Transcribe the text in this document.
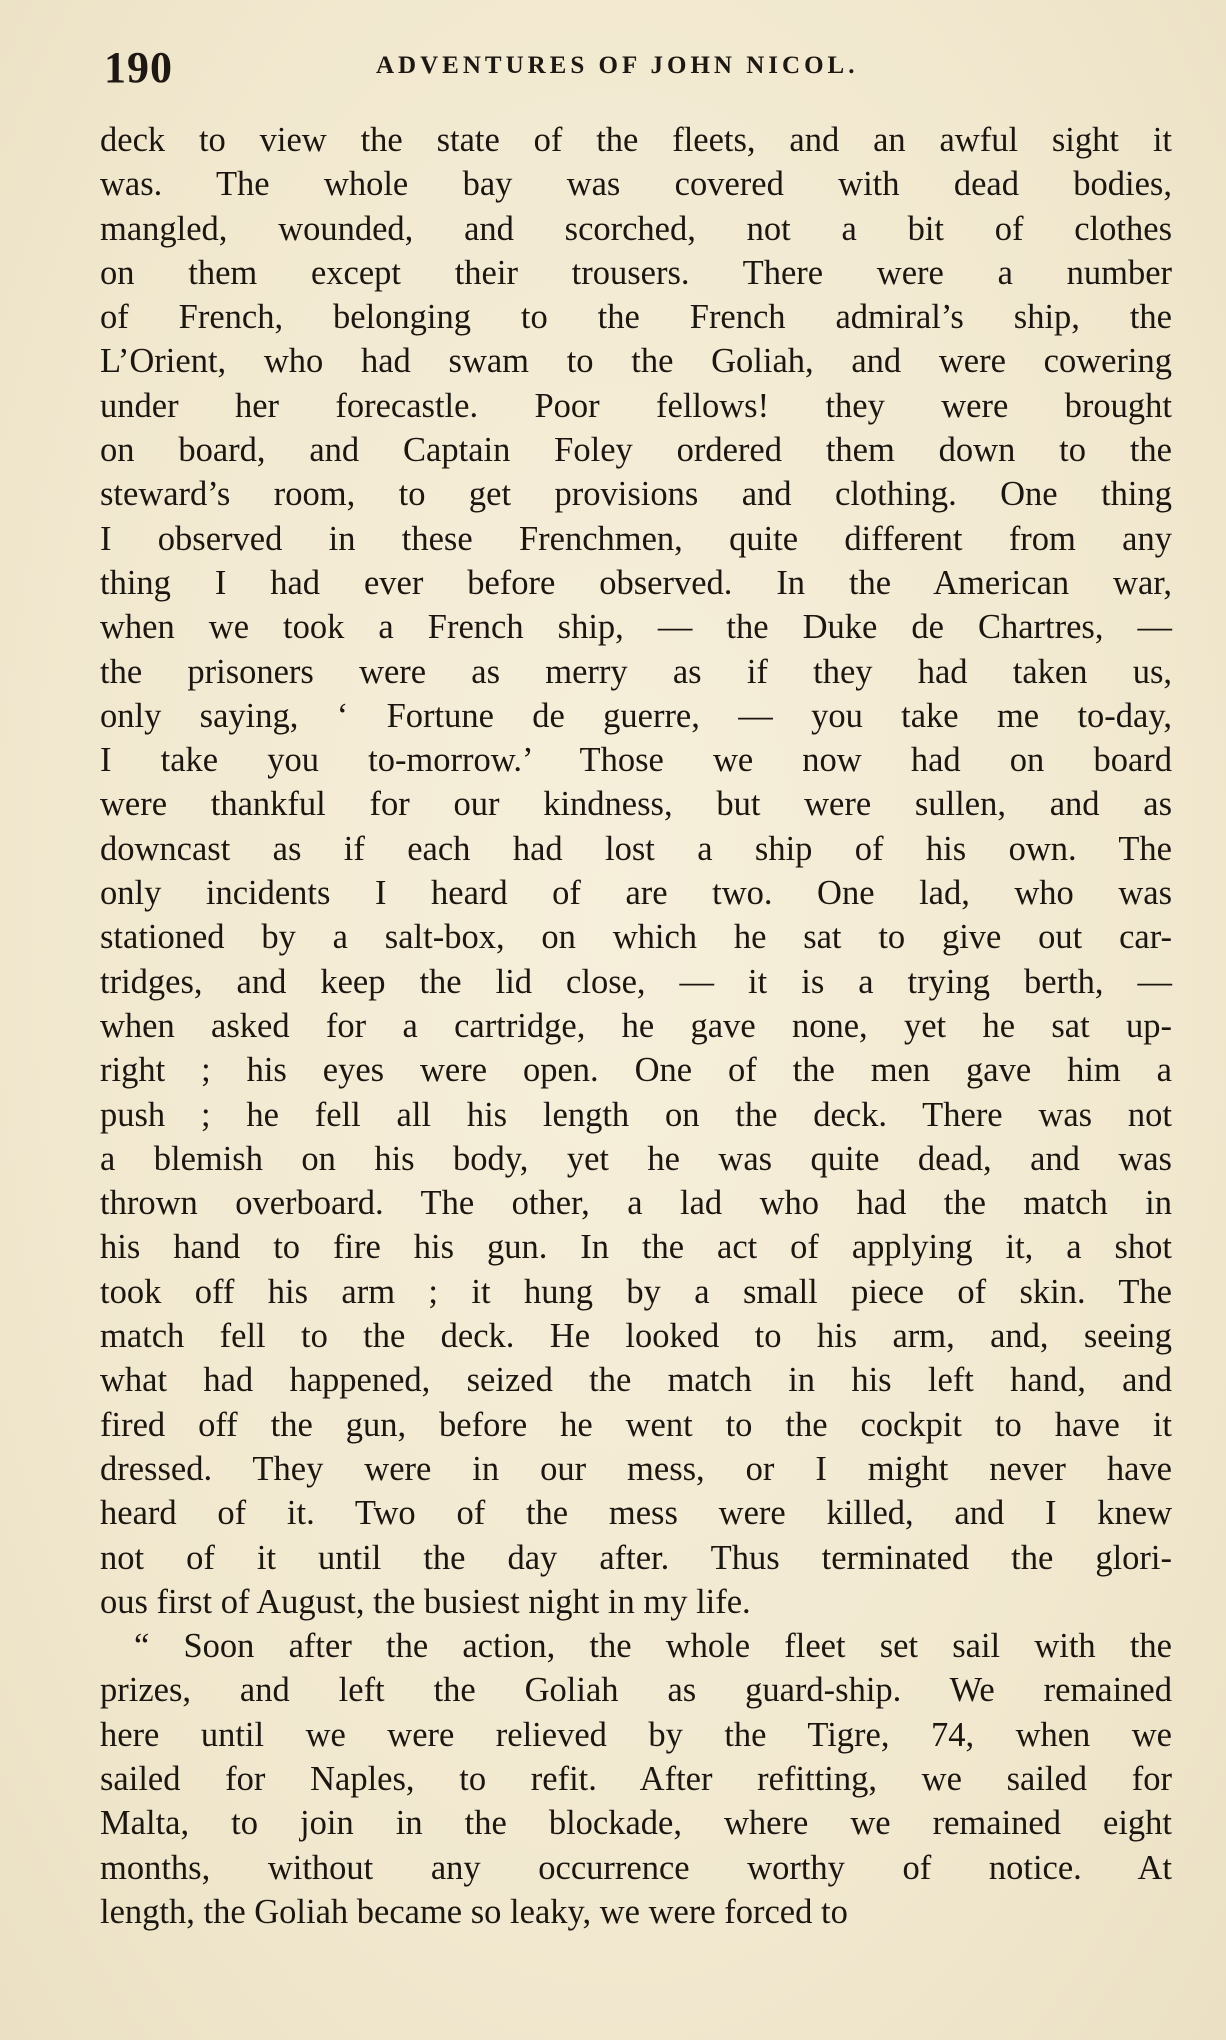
190	ADVENTURES OF JOHN NICOL.
deck to view the state of the fleets, and an awful sight it
was. The whole bay was covered with dead bodies,
mangled, wounded, and scorched, not a bit of clothes
on them except their trousers. There were a number
of French, belonging to the French admiral’s ship, the
L’Orient, who had swam to the Goliah, and were cowering
under her forecastle. Poor fellows! they were brought
on board, and Captain Foley ordered them down to the
steward’s room, to get provisions and clothing. One thing
I observed in these Frenchmen, quite different from any
thing I had ever before observed. In the American war,
when we took a French ship, — the Duke de Chartres, —
the prisoners were as merry as if they had taken us,
only saying, ‘ Fortune de guerre, — you take me to-day,
I take you to-morrow.’ Those we now had on board
were thankful for our kindness, but were sullen, and as
downcast as if each had lost a ship of his own. The
only incidents I heard of are two. One lad, who was
stationed by a salt-box, on which he sat to give out car-
tridges, and keep the lid close, — it is a trying berth, —
when asked for a cartridge, he gave none, yet he sat up-
right ; his eyes were open. One of the men gave him a
push ; he fell all his length on the deck. There was not
a blemish on his body, yet he was quite dead, and was
thrown overboard. The other, a lad who had the match in
his hand to fire his gun. In the act of applying it, a shot
took off his arm ; it hung by a small piece of skin. The
match fell to the deck. He looked to his arm, and, seeing
what had happened, seized the match in his left hand, and
fired off the gun, before he went to the cockpit to have it
dressed. They were in our mess, or I might never have
heard of it. Two of the mess were killed, and I knew
not of it until the day after. Thus terminated the glori-
ous first of August, the busiest night in my life.
“ Soon after the action, the whole fleet set sail with the
prizes, and left the Goliah as guard-ship. We remained
here until we were relieved by the Tigre, 74, when we
sailed for Naples, to refit. After refitting, we sailed for
Malta, to join in the blockade, where we remained eight
months, without any occurrence worthy of notice. At
length, the Goliah became so leaky, we were forced to
